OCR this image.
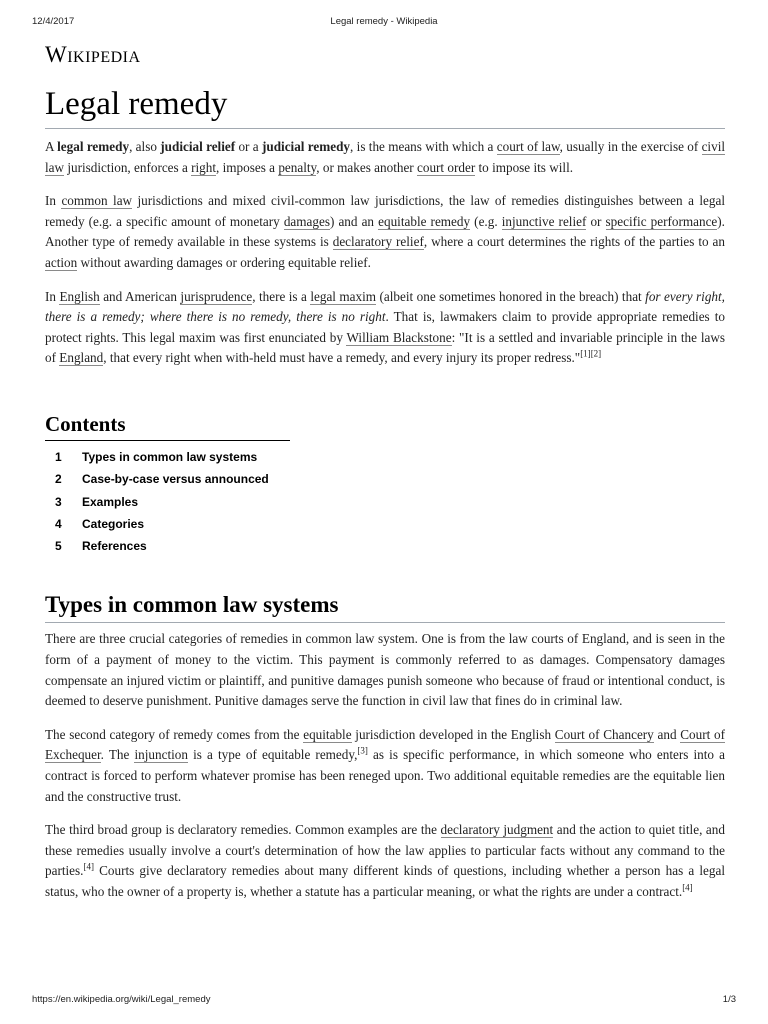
12/4/2017	Legal remedy - Wikipedia
Wikipedia
Legal remedy

A legal remedy, also judicial relief or a judicial remedy, is the means with which a court of law, usually in the exercise of civil law jurisdiction, enforces a right, imposes a penalty, or makes another court order to impose its will.

In common law jurisdictions and mixed civil-common law jurisdictions, the law of remedies distinguishes between a legal remedy (e.g. a specific amount of monetary damages) and an equitable remedy (e.g. injunctive relief or specific performance). Another type of remedy available in these systems is declaratory relief, where a court determines the rights of the parties to an action without awarding damages or ordering equitable relief.

In English and American jurisprudence, there is a legal maxim (albeit one sometimes honored in the breach) that for every right, there is a remedy; where there is no remedy, there is no right. That is, lawmakers claim to provide appropriate remedies to protect rights. This legal maxim was first enunciated by William Blackstone: "It is a settled and invariable principle in the laws of England, that every right when with-held must have a remedy, and every injury its proper redress."[1][2]

Contents
1	Types in common law systems
2	Case-by-case versus announced
3	Examples
4	Categories
5	References
Types in common law systems

There are three crucial categories of remedies in common law system. One is from the law courts of England, and is seen in the form of a payment of money to the victim. This payment is commonly referred to as damages. Compensatory damages compensate an injured victim or plaintiff, and punitive damages punish someone who because of fraud or intentional conduct, is deemed to deserve punishment. Punitive damages serve the function in civil law that fines do in criminal law.

The second category of remedy comes from the equitable jurisdiction developed in the English Court of Chancery and Court of Exchequer. The injunction is a type of equitable remedy,[3] as is specific performance, in which someone who enters into a contract is forced to perform whatever promise has been reneged upon. Two additional equitable remedies are the equitable lien and the constructive trust.

The third broad group is declaratory remedies. Common examples are the declaratory judgment and the action to quiet title, and these remedies usually involve a court's determination of how the law applies to particular facts without any command to the parties.[4] Courts give declaratory remedies about many different kinds of questions, including whether a person has a legal status, who the owner of a property is, whether a statute has a particular meaning, or what the rights are under a contract.[4]

https://en.wikipedia.org/wiki/Legal_remedy	1/3
